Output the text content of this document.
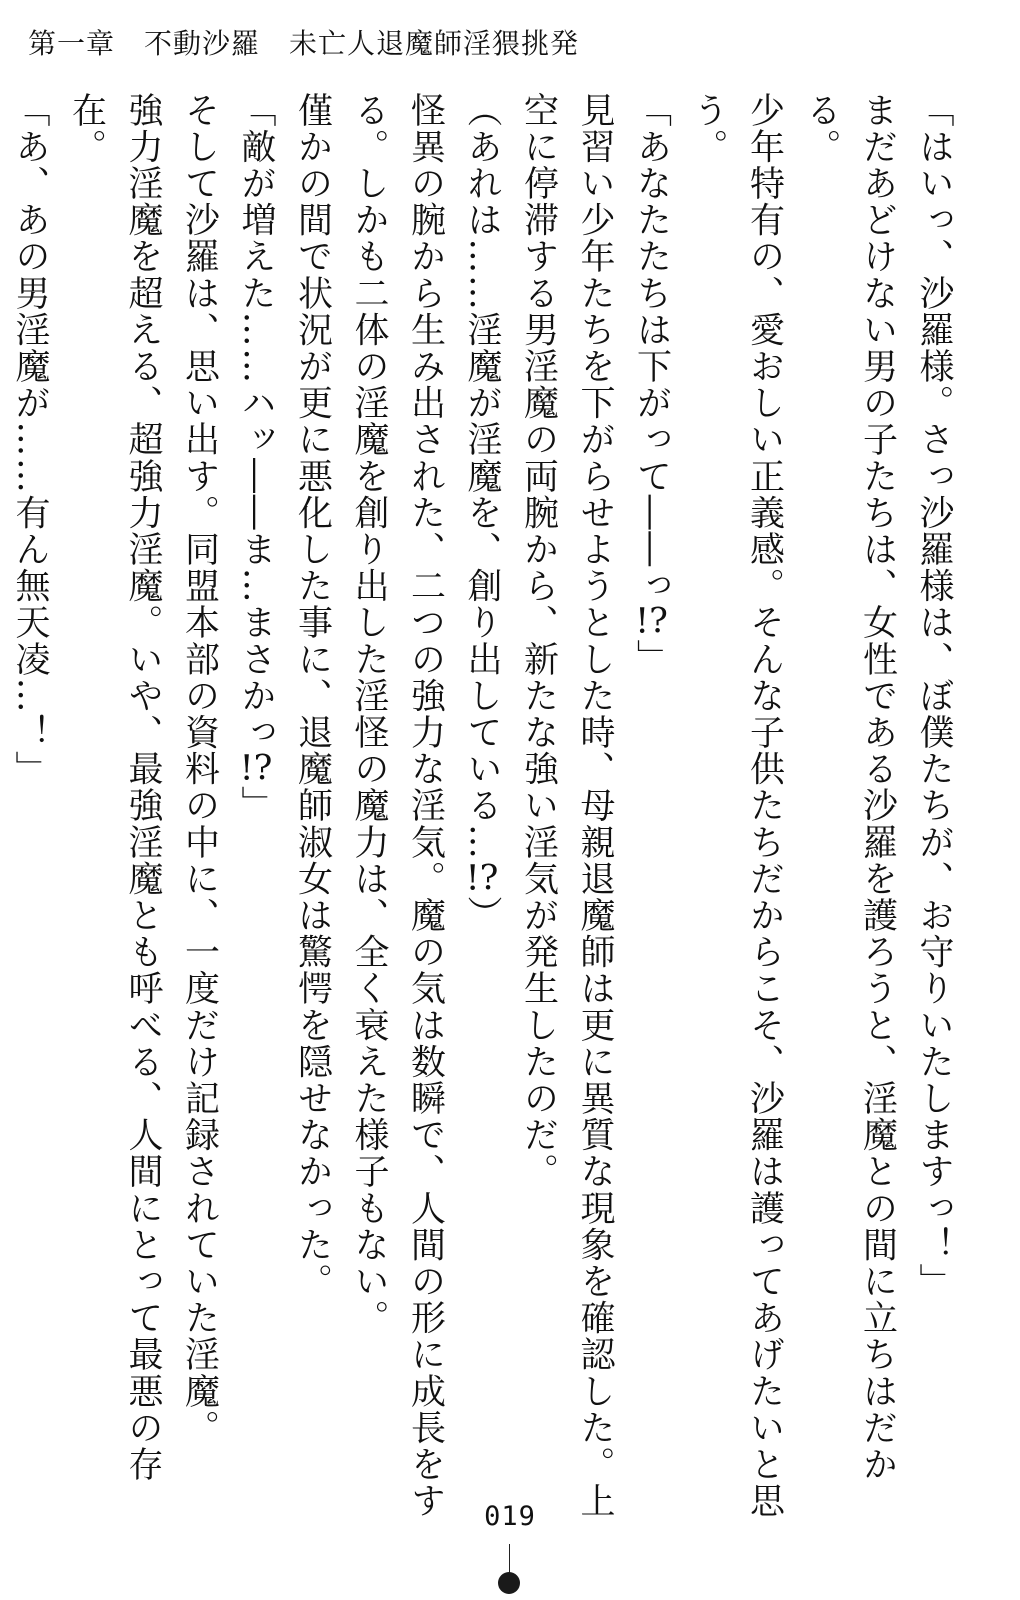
第一章　不動沙羅　未亡人退魔師淫猥挑発

「はいっ、沙羅様。さっ沙羅様は、ぼ僕たちが、お守りいたしますっ！」

まだあどけない男の子たちは、女性である沙羅を護ろうと、淫魔との間に立ちはだかる。

少年特有の、愛おしい正義感。そんな子供たちだからこそ、沙羅は護ってあげたいと思う。

「あなたたちは下がって――っ!?」

見習い少年たちを下がらせようとした時、母親退魔師は更に異質な現象を確認した。上空に停滞する男淫魔の両腕から、新たな強い淫気が発生したのだ。

（あれは……淫魔が淫魔を、創り出している…!?）

怪異の腕から生み出された、二つの強力な淫気。魔の気は数瞬で、人間の形に成長をする。しかも二体の淫魔を創り出した淫怪の魔力は、全く衰えた様子もない。

僅かの間で状況が更に悪化した事に、退魔師淑女は驚愕を隠せなかった。

「敵が増えた……ハッ――ま…まさかっ!?」

そして沙羅は、思い出す。同盟本部の資料の中に、一度だけ記録されていた淫魔。

強力淫魔を超える、超強力淫魔。いや、最強淫魔とも呼べる、人間にとって最悪の存在。

「あ、あの男淫魔が……有ん無天凌…！」

019
